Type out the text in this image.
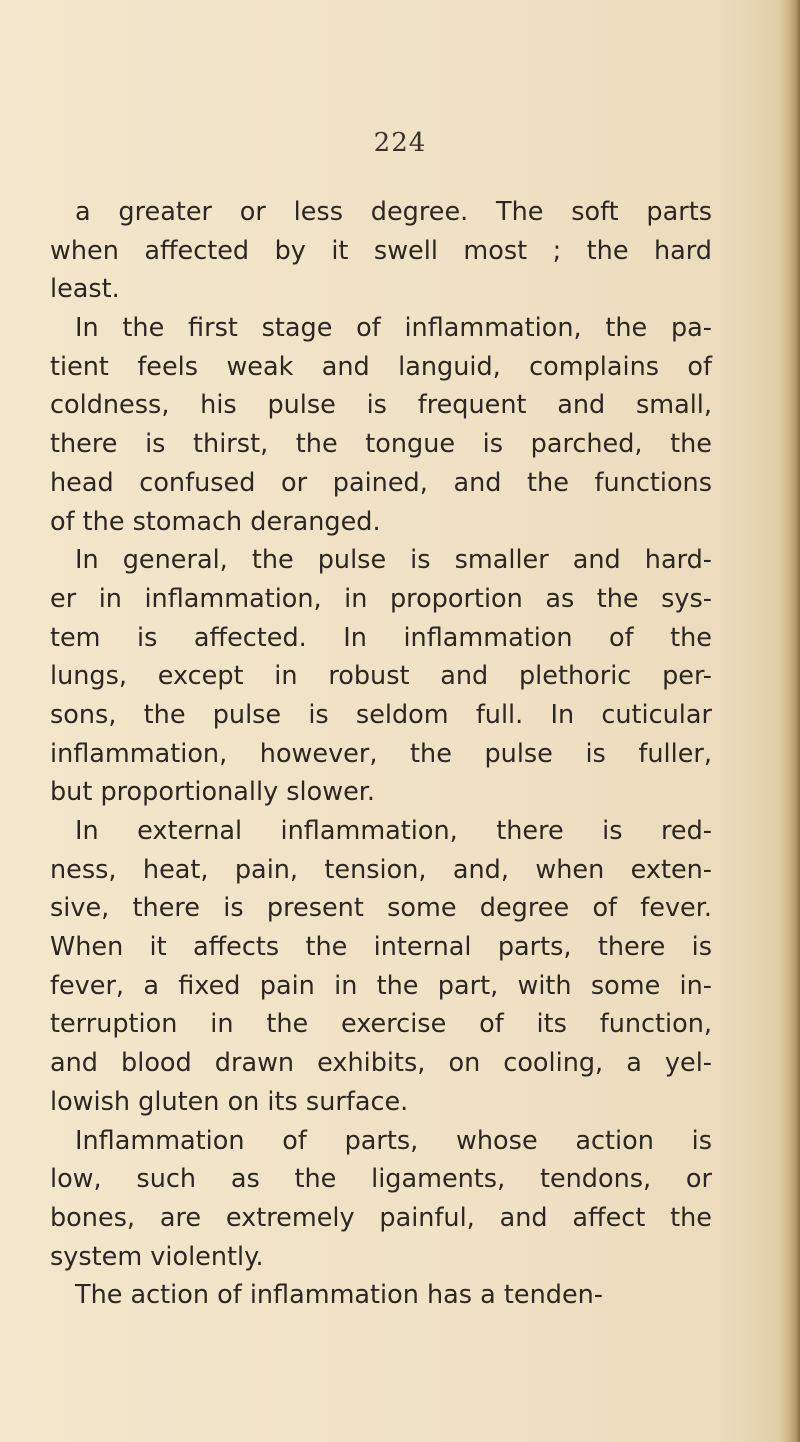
224
a greater or less degree. The soft parts
when affected by it swell most ; the hard
least.
In the first stage of inflammation, the pa-
tient feels weak and languid, complains of
coldness, his pulse is frequent and small,
there is thirst, the tongue is parched, the
head confused or pained, and the functions
of the stomach deranged.
In general, the pulse is smaller and hard-
er in inflammation, in proportion as the sys-
tem is affected. In inflammation of the
lungs, except in robust and plethoric per-
sons, the pulse is seldom full. In cuticular
inflammation, however, the pulse is fuller,
but proportionally slower.
In external inflammation, there is red-
ness, heat, pain, tension, and, when exten-
sive, there is present some degree of fever.
When it affects the internal parts, there is
fever, a fixed pain in the part, with some in-
terruption in the exercise of its function,
and blood drawn exhibits, on cooling, a yel-
lowish gluten on its surface.
Inflammation of parts, whose action is
low, such as the ligaments, tendons, or
bones, are extremely painful, and affect the
system violently.
The action of inflammation has a tenden-
